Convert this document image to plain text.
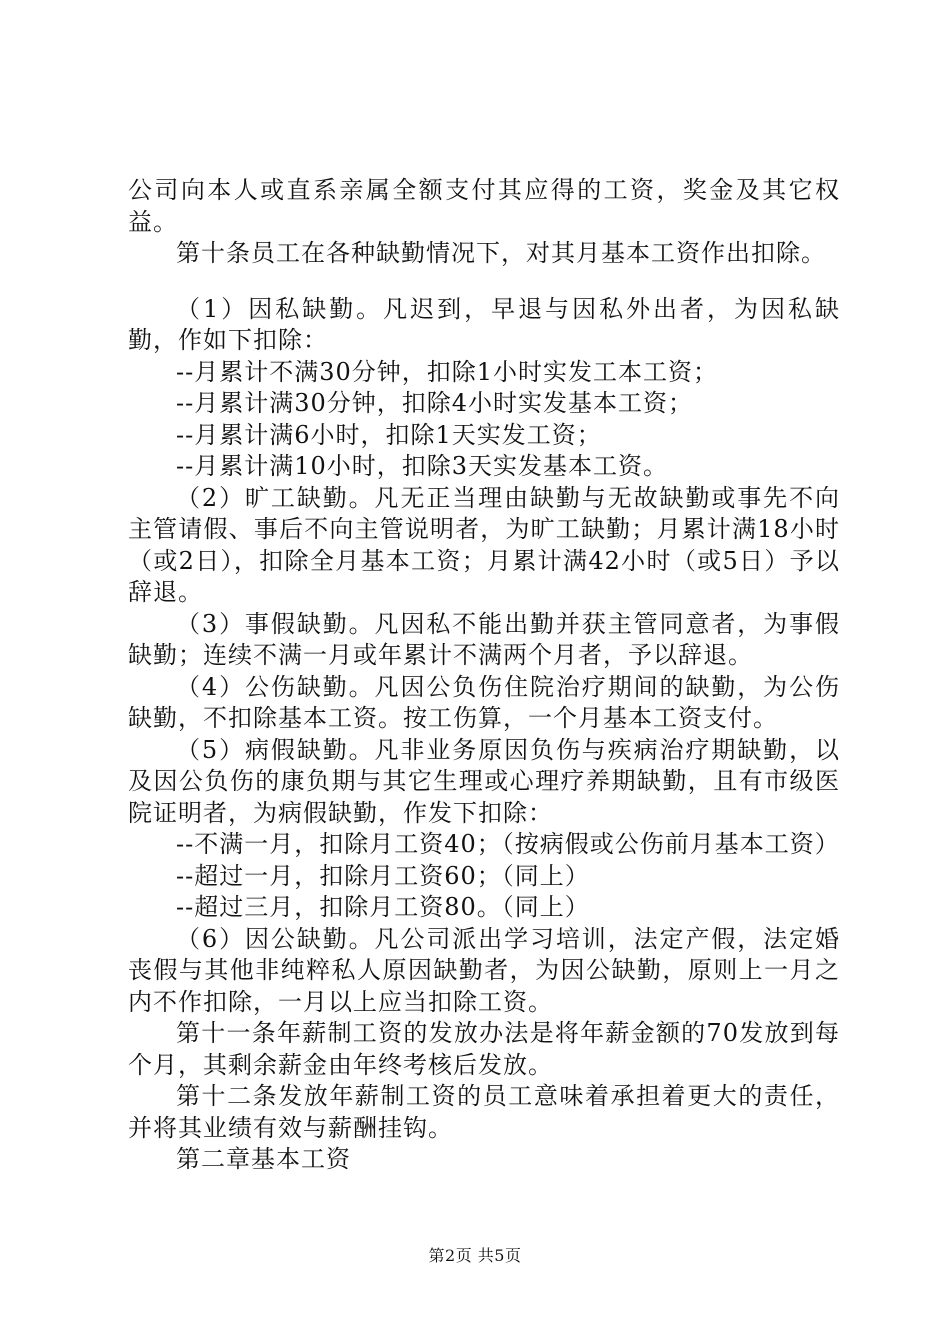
公司向本人或直系亲属全额支付其应得的工资，奖金及其它权益。

第十条员工在各种缺勤情况下，对其月基本工资作出扣除。

（1）因私缺勤。凡迟到，早退与因私外出者，为因私缺勤，作如下扣除：

--月累计不满30分钟，扣除1小时实发工本工资；

--月累计满30分钟，扣除4小时实发基本工资；

--月累计满6小时，扣除1天实发工资；

--月累计满10小时，扣除3天实发基本工资。

（2）旷工缺勤。凡无正当理由缺勤与无故缺勤或事先不向主管请假、事后不向主管说明者，为旷工缺勤；月累计满18小时（或2日），扣除全月基本工资；月累计满42小时（或5日）予以辞退。

（3）事假缺勤。凡因私不能出勤并获主管同意者，为事假缺勤；连续不满一月或年累计不满两个月者，予以辞退。

（4）公伤缺勤。凡因公负伤住院治疗期间的缺勤，为公伤缺勤，不扣除基本工资。按工伤算，一个月基本工资支付。

（5）病假缺勤。凡非业务原因负伤与疾病治疗期缺勤，以及因公负伤的康负期与其它生理或心理疗养期缺勤，且有市级医院证明者，为病假缺勤，作发下扣除：

--不满一月，扣除月工资40；（按病假或公伤前月基本工资）

--超过一月，扣除月工资60；（同上）

--超过三月，扣除月工资80。（同上）

（6）因公缺勤。凡公司派出学习培训，法定产假，法定婚丧假与其他非纯粹私人原因缺勤者，为因公缺勤，原则上一月之内不作扣除，一月以上应当扣除工资。

第十一条年薪制工资的发放办法是将年薪金额的70发放到每个月，其剩余薪金由年终考核后发放。

第十二条发放年薪制工资的员工意味着承担着更大的责任，并将其业绩有效与薪酬挂钩。

第二章基本工资

第2页 共5页
